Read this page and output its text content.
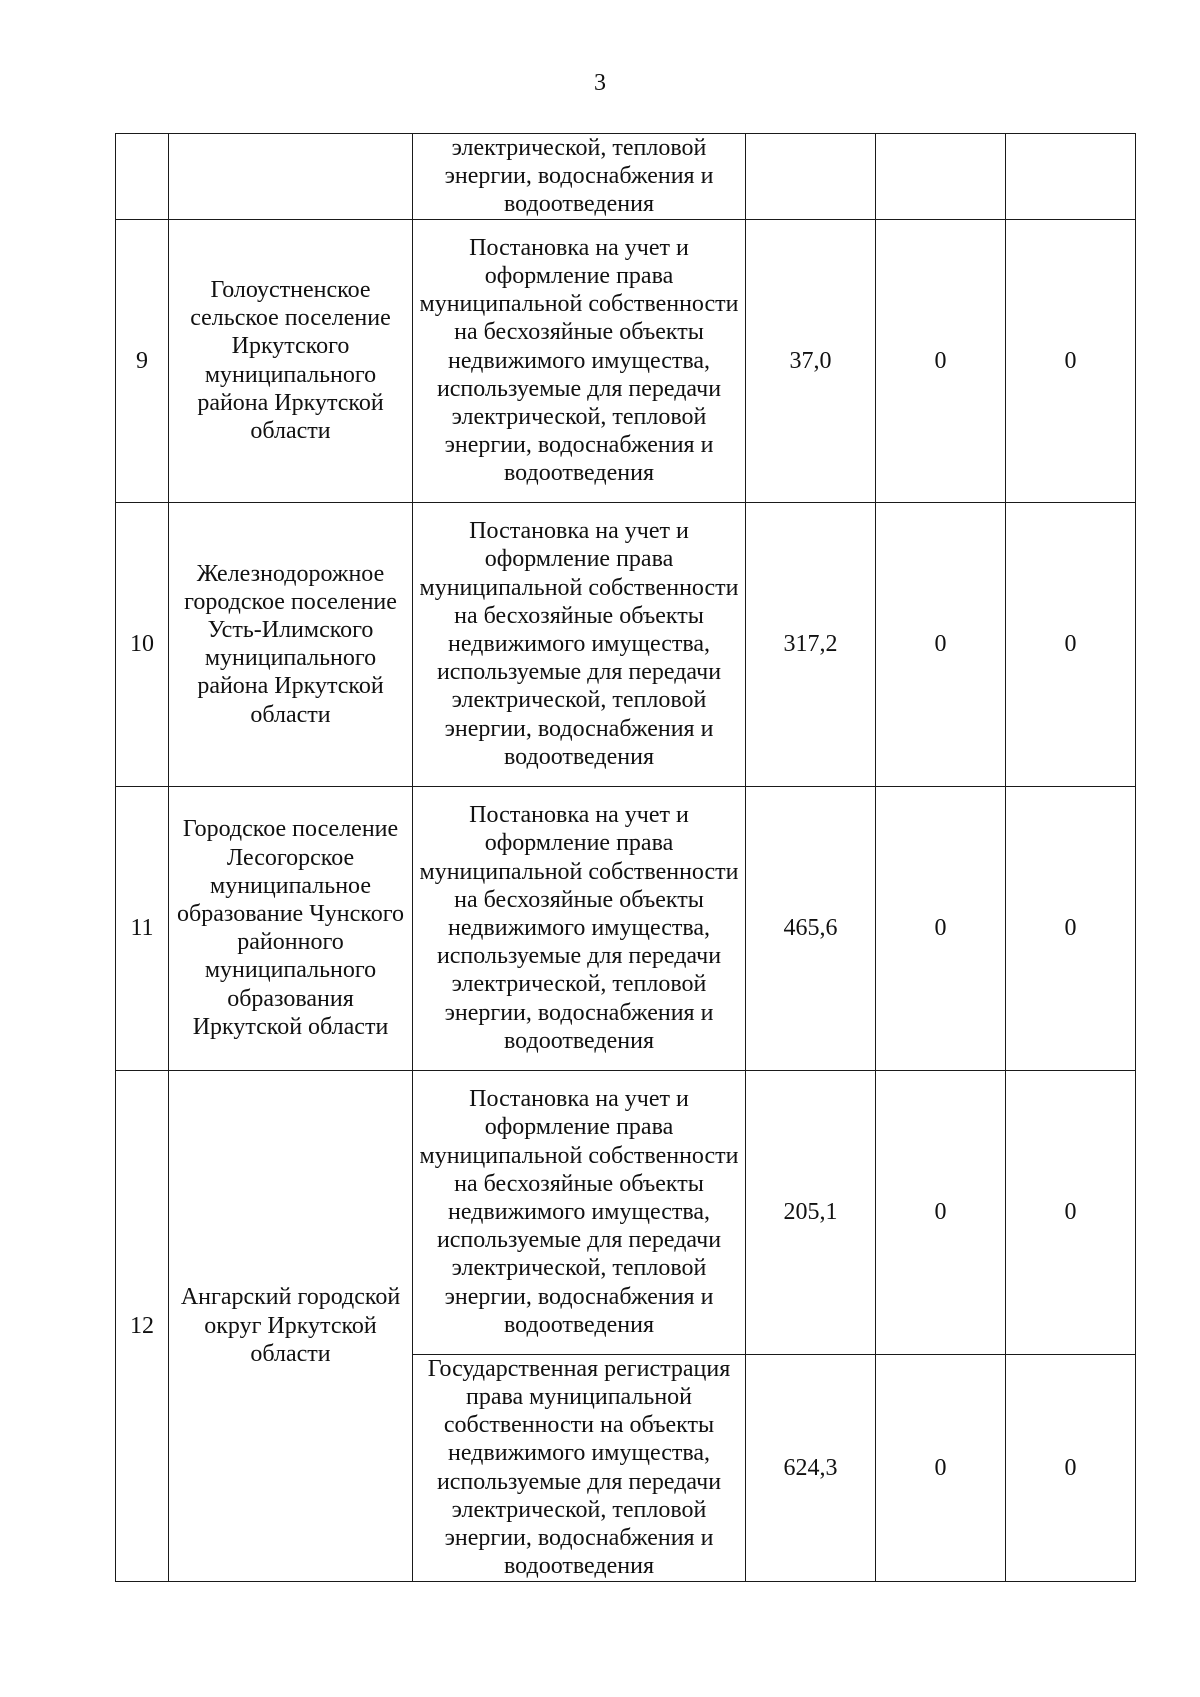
3
		электрической, тепловой энергии, водоснабжения и водоотведения			
9	Голоустненское сельское поселение Иркутского муниципального района Иркутской области	Постановка на учет и оформление права муниципальной собственности на бесхозяйные объекты недвижимого имущества, используемые для передачи электрической, тепловой энергии, водоснабжения и водоотведения	37,0	0	0
10	Железнодорожное городское поселение Усть-Илимского муниципального района Иркутской области	Постановка на учет и оформление права муниципальной собственности на бесхозяйные объекты недвижимого имущества, используемые для передачи электрической, тепловой энергии, водоснабжения и водоотведения	317,2	0	0
11	Городское поселение Лесогорское муниципальное образование Чунского районного муниципального образования Иркутской области	Постановка на учет и оформление права муниципальной собственности на бесхозяйные объекты недвижимого имущества, используемые для передачи электрической, тепловой энергии, водоснабжения и водоотведения	465,6	0	0
12	Ангарский городской округ Иркутской области	Постановка на учет и оформление права муниципальной собственности на бесхозяйные объекты недвижимого имущества, используемые для передачи электрической, тепловой энергии, водоснабжения и водоотведения	205,1	0	0
		Государственная регистрация права муниципальной собственности на объекты недвижимого имущества, используемые для передачи электрической, тепловой энергии, водоснабжения и водоотведения	624,3	0	0
